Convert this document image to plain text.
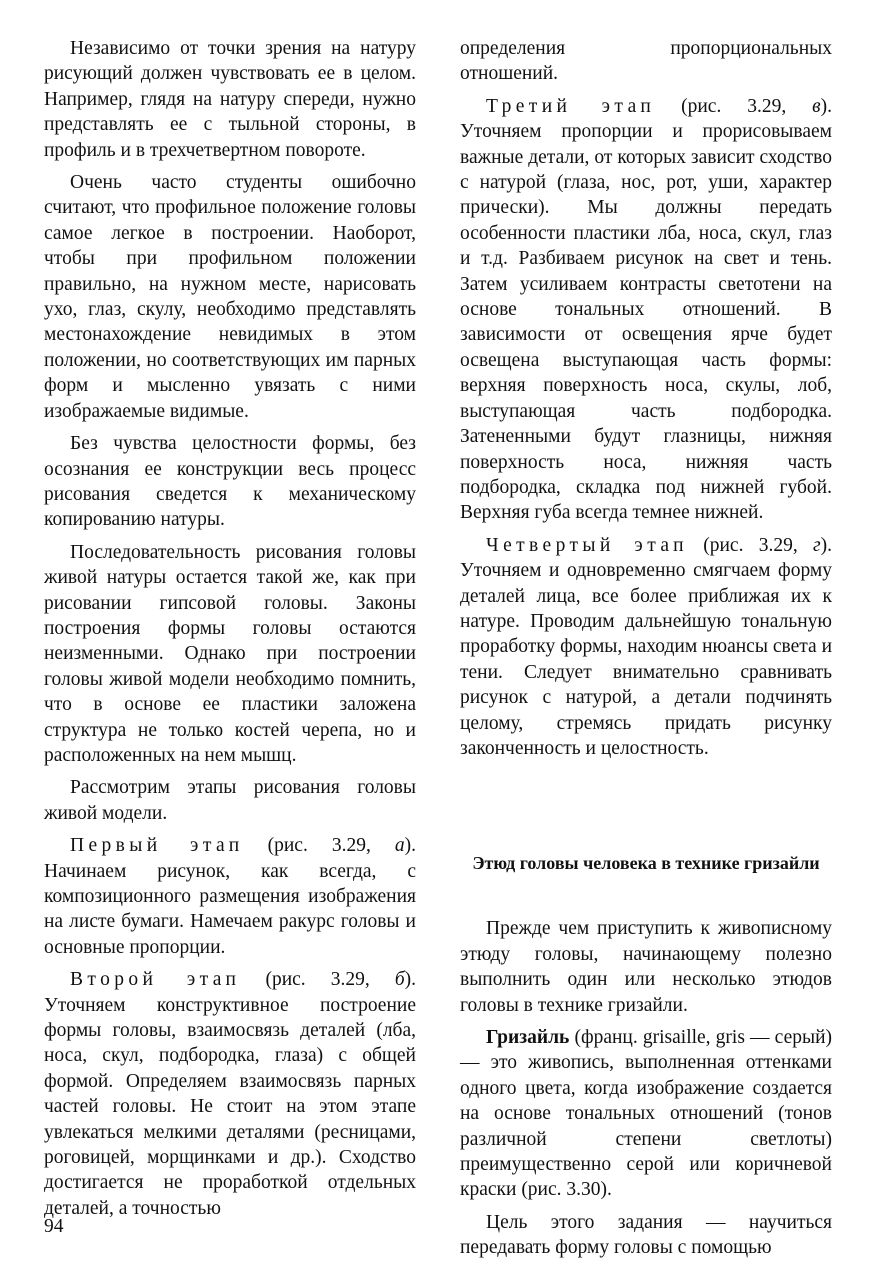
Независимо от точки зрения на натуру рисующий должен чувствовать ее в целом. Например, глядя на натуру спереди, нужно представлять ее с тыльной стороны, в профиль и в трехчетвертном повороте.

Очень часто студенты ошибочно считают, что профильное положение головы самое легкое в построении. Наоборот, чтобы при профильном положении правильно, на нужном месте, нарисовать ухо, глаз, скулу, необходимо представлять местонахождение невидимых в этом положении, но соответствующих им парных форм и мысленно увязать с ними изображаемые видимые.

Без чувства целостности формы, без осознания ее конструкции весь процесс рисования сведется к механическому копированию натуры.

Последовательность рисования головы живой натуры остается такой же, как при рисовании гипсовой головы. Законы построения формы головы остаются неизменными. Однако при построении головы живой модели необходимо помнить, что в основе ее пластики заложена структура не только костей черепа, но и расположенных на нем мышц.

Рассмотрим этапы рисования головы живой модели.

Первый этап (рис. 3.29, а). Начинаем рисунок, как всегда, с композиционного размещения изображения на листе бумаги. Намечаем ракурс головы и основные пропорции.

Второй этап (рис. 3.29, б). Уточняем конструктивное построение формы головы, взаимосвязь деталей (лба, носа, скул, подбородка, глаза) с общей формой. Определяем взаимосвязь парных частей головы. Не стоит на этом этапе увлекаться мелкими деталями (ресницами, роговицей, морщинками и др.). Сходство достигается не проработкой отдельных деталей, а точностью

определения пропорциональных отношений.

Третий этап (рис. 3.29, в). Уточняем пропорции и прорисовываем важные детали, от которых зависит сходство с натурой (глаза, нос, рот, уши, характер прически). Мы должны передать особенности пластики лба, носа, скул, глаз и т.д. Разбиваем рисунок на свет и тень. Затем усиливаем контрасты светотени на основе тональных отношений. В зависимости от освещения ярче будет освещена выступающая часть формы: верхняя поверхность носа, скулы, лоб, выступающая часть подбородка. Затененными будут глазницы, нижняя поверхность носа, нижняя часть подбородка, складка под нижней губой. Верхняя губа всегда темнее нижней.

Четвертый этап (рис. 3.29, г). Уточняем и одновременно смягчаем форму деталей лица, все более приближая их к натуре. Проводим дальнейшую тональную проработку формы, находим нюансы света и тени. Следует внимательно сравнивать рисунок с натурой, а детали подчинять целому, стремясь придать рисунку законченность и целостность.

Этюд головы человека в технике гризайли

Прежде чем приступить к живописному этюду головы, начинающему полезно выполнить один или несколько этюдов головы в технике гризайли.

Гризайль (франц. grisaille, gris — серый) — это живопись, выполненная оттенками одного цвета, когда изображение создается на основе тональных отношений (тонов различной степени светлоты) преимущественно серой или коричневой краски (рис. 3.30).

Цель этого задания — научиться передавать форму головы с помощью

94
